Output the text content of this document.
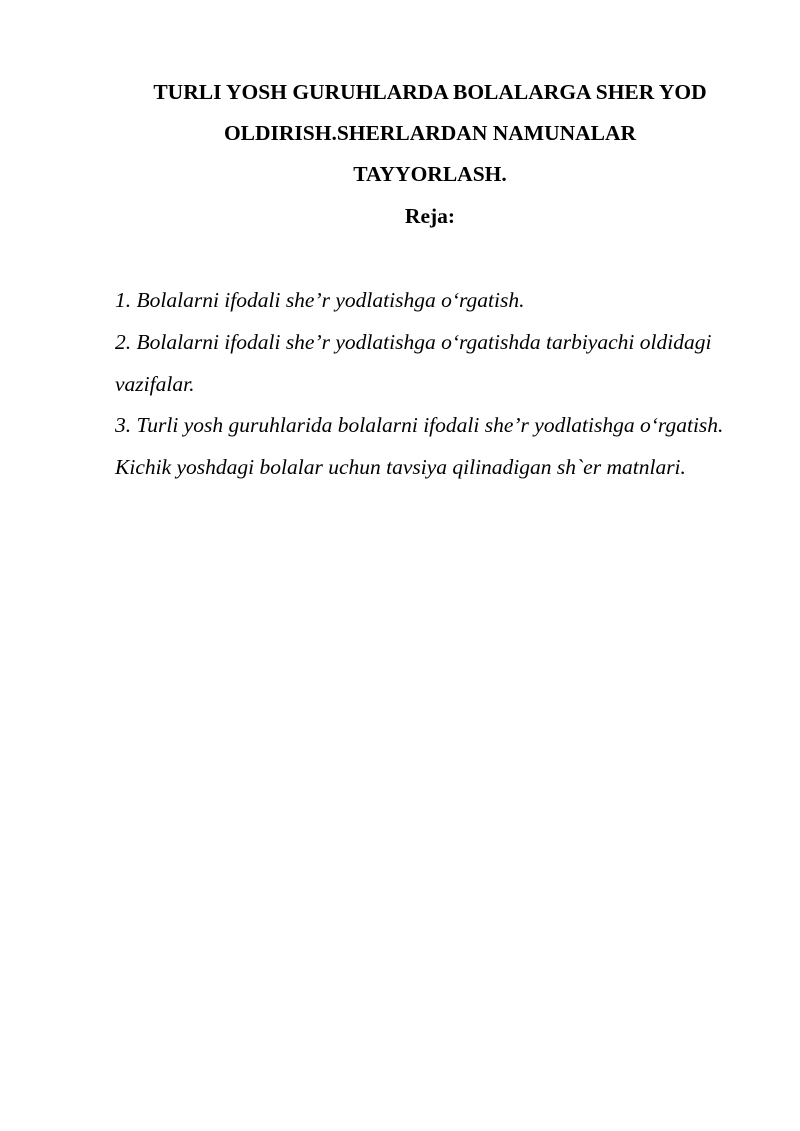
TURLI YOSH GURUHLARDA BOLALARGA SHER YOD
OLDIRISH.SHERLARDAN NAMUNALAR
TAYYORLASH.
Reja:
1. Bolalarni ifodali she’r yodlatishga o‘rgatish.
2. Bolalarni ifodali she’r yodlatishga o‘rgatishda tarbiyachi oldidagi vazifalar.
3. Turli yosh guruhlarida bolalarni ifodali she’r yodlatishga o‘rgatish.
Kichik yoshdagi bolalar uchun tavsiya qilinadigan sh`er matnlari.
